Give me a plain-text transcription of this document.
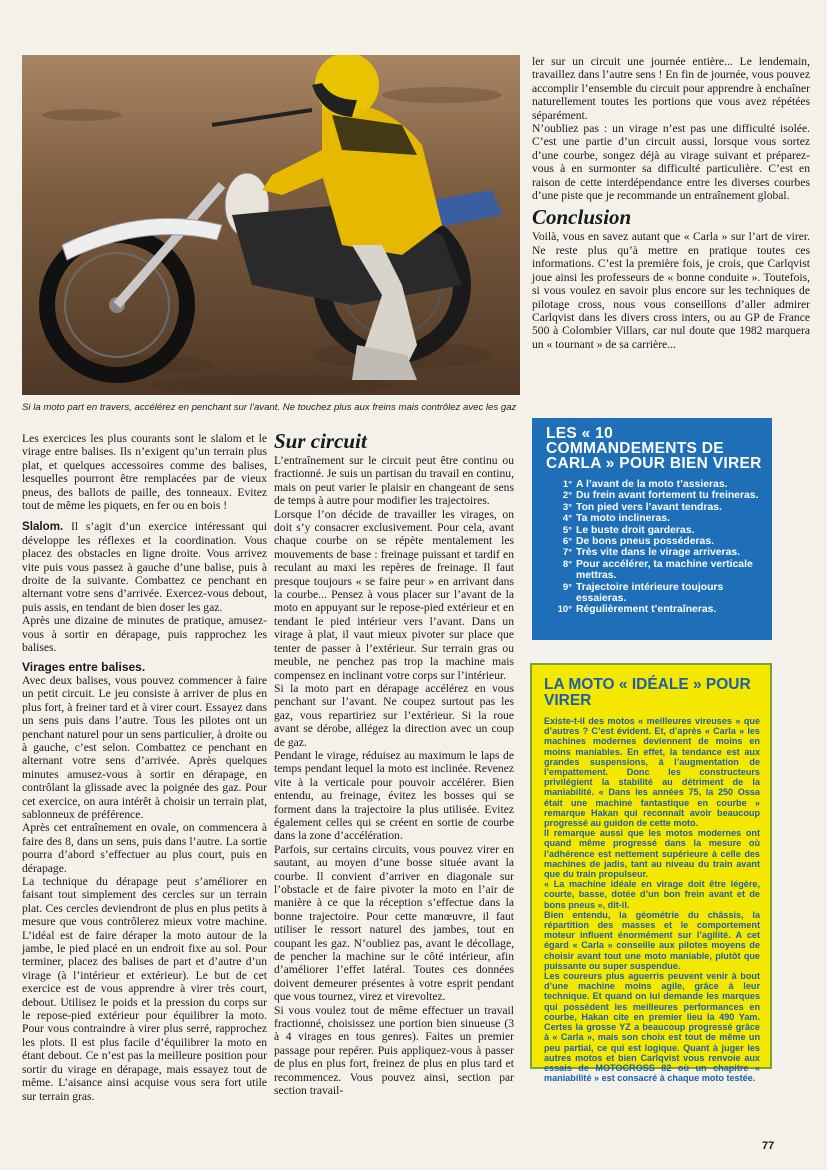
Si la moto part en travers, accélérez en penchant sur l’avant. Ne touchez plus aux freins mais contrôlez avec les gaz

ler sur un circuit une journée entière... Le lendemain, travaillez dans l’autre sens ! En fin de journée, vous pouvez accomplir l’ensemble du circuit pour apprendre à enchaîner naturellement toutes les portions que vous avez répétées séparément.

N’oubliez pas : un virage n’est pas une difficulté isolée. C’est une partie d’un circuit aussi, lorsque vous sortez d’une courbe, songez déjà au virage suivant et préparez-vous à en surmonter sa difficulté particulière. C’est en raison de cette interdépendance entre les diverses courbes d’une piste que je recommande un entraînement global.

Conclusion

Voilà, vous en savez autant que « Carla » sur l’art de virer. Ne reste plus qu’à mettre en pratique toutes ces informations. C’est la première fois, je crois, que Carlqvist joue ainsi les professeurs de « bonne conduite ». Toutefois, si vous voulez en savoir plus encore sur les techniques de pilotage cross, nous vous conseillons d’aller admirer Carlqvist dans les divers cross inters, ou au GP de France 500 à Colombier Villars, car nul doute que 1982 marquera un « tournant » de sa carrière...

Les exercices les plus courants sont le slalom et le virage entre balises. Ils n’exigent qu’un terrain plus plat, et quelques accessoires comme des balises, lesquelles pourront être remplacées par de vieux pneus, des ballots de paille, des tonneaux. Evitez tout de même les piquets, en fer ou en bois !

Slalom. Il s’agit d’un exercice intéressant qui développe les réflexes et la coordination. Vous placez des obstacles en ligne droite. Vous arrivez vite puis vous passez à gauche d’une balise, puis à droite de la suivante. Combattez ce penchant en alternant votre sens d’arrivée. Exercez-vous debout, puis assis, en tendant de bien doser les gaz.

Après une dizaine de minutes de pratique, amusez-vous à sortir en dérapage, puis rapprochez les balises.

Virages entre balises.

Avec deux balises, vous pouvez commencer à faire un petit circuit. Le jeu consiste à arriver de plus en plus fort, à freiner tard et à virer court. Essayez dans un sens puis dans l’autre. Tous les pilotes ont un penchant naturel pour un sens particulier, à droite ou à gauche, c’est selon. Combattez ce penchant en alternant votre sens d’arrivée. Après quelques minutes amusez-vous à sortir en dérapage, en contrôlant la glissade avec la poignée des gaz. Pour cet exercice, on aura intérêt à choisir un terrain plat, sablonneux de préférence.

Après cet entraînement en ovale, on commencera à faire des 8, dans un sens, puis dans l’autre. La sortie pourra d’abord s’effectuer au plus court, puis en dérapage.

La technique du dérapage peut s’améliorer en faisant tout simplement des cercles sur un terrain plat. Ces cercles deviendront de plus en plus petits à mesure que vous contrôlerez mieux votre machine. L’idéal est de faire déraper la moto autour de la jambe, le pied placé en un endroit fixe au sol. Pour terminer, placez des balises de part et d’autre d’un virage (à l’intérieur et extérieur). Le but de cet exercice est de vous apprendre à virer très court, debout. Utilisez le poids et la pression du corps sur le repose-pied extérieur pour équilibrer la moto. Pour vous contraindre à virer plus serré, rapprochez les plots. Il est plus facile d’équilibrer la moto en étant debout. Ce n’est pas la meilleure position pour sortir du virage en dérapage, mais essayez tout de même. L’aisance ainsi acquise vous sera fort utile sur terrain gras.

Sur circuit

L’entraînement sur le circuit peut être continu ou fractionné. Je suis un partisan du travail en continu, mais on peut varier le plaisir en changeant de sens de temps à autre pour modifier les trajectoires.

Lorsque l’on décide de travailler les virages, on doit s’y consacrer exclusivement. Pour cela, avant chaque courbe on se répète mentalement les mouvements de base : freinage puissant et tardif en reculant au maxi les repères de freinage. Il faut presque toujours « se faire peur » en arrivant dans la courbe... Pensez à vous placer sur l’avant de la moto en appuyant sur le repose-pied extérieur et en tendant le pied intérieur vers l’avant. Dans un virage à plat, il vaut mieux pivoter sur place que tenter de passer à l’extérieur. Sur terrain gras ou meuble, ne penchez pas trop la machine mais compensez en inclinant votre corps sur l’intérieur.

Si la moto part en dérapage accélérez en vous penchant sur l’avant. Ne coupez surtout pas les gaz, vous repartiriez sur l’extérieur. Si la roue avant se dérobe, allégez la direction avec un coup de gaz.

Pendant le virage, réduisez au maximum le laps de temps pendant lequel la moto est inclinée. Revenez vite à la verticale pour pouvoir accélérer. Bien entendu, au freinage, évitez les bosses qui se forment dans la trajectoire la plus utilisée. Evitez également celles qui se créent en sortie de courbe dans la zone d’accélération.

Parfois, sur certains circuits, vous pouvez virer en sautant, au moyen d’une bosse située avant la courbe. Il convient d’arriver en diagonale sur l’obstacle et de faire pivoter la moto en l’air de manière à ce que la réception s’effectue dans la bonne trajectoire. Pour cette manœuvre, il faut utiliser le ressort naturel des jambes, tout en coupant les gaz. N’oubliez pas, avant le décollage, de pencher la machine sur le côté intérieur, afin d’améliorer l’effet latéral. Toutes ces données doivent demeurer présentes à votre esprit pendant que vous tournez, virez et virevoltez.

Si vous voulez tout de même effectuer un travail fractionné, choisissez une portion bien sinueuse (3 à 4 virages en tous genres). Faites un premier passage pour repérer. Puis appliquez-vous à passer de plus en plus fort, freinez de plus en plus tard et recommencez. Vous pouvez ainsi, section par section travail-

LES « 10 COMMANDEMENTS DE CARLA » POUR BIEN VIRER
1° A l’avant de la moto t’assieras.
2° Du frein avant fortement tu freineras.
3° Ton pied vers l’avant tendras.
4° Ta moto inclineras.
5° Le buste droit garderas.
6° De bons pneus posséderas.
7° Très vite dans le virage arriveras.
8° Pour accélérer, ta machine verticale mettras.
9° Trajectoire intérieure toujours essaieras.
10° Régulièrement t’entraîneras.
LA MOTO « IDÉALE » POUR VIRER

Existe-t-il des motos « meilleures vireuses » que d’autres ? C’est évident. Et, d’après « Carla » les machines modernes deviennent de moins en moins maniables. En effet, la tendance est aux grandes suspensions, à l’augmentation de l’empattement. Donc les constructeurs privilégient la stabilité au détriment de la maniabilité. « Dans les années 75, la 250 Ossa était une machine fantastique en courbe » remarque Hakan qui reconnaît avoir beaucoup progressé au guidon de cette moto.

Il remarque aussi que les motos modernes ont quand même progressé dans la mesure où l’adhérence est nettement supérieure à celle des machines de jadis, tant au niveau du train avant que du train propulseur.

« La machine idéale en virage doit être légère, courte, basse, dotée d’un bon frein avant et de bons pneus », dit-il.

Bien entendu, la géométrie du châssis, la répartition des masses et le comportement moteur influent énormément sur l’agilité. A cet égard « Carla » conseille aux pilotes moyens de choisir avant tout une moto maniable, plutôt que puissante ou super suspendue.

Les coureurs plus aguerris peuvent venir à bout d’une machine moins agile, grâce à leur technique. Et quand on lui demande les marques qui possèdent les meilleures performances en courbe, Hakan cite en premier lieu la 490 Yam. Certes la grosse YZ a beaucoup progressé grâce à « Carla », mais son choix est tout de même un peu partial, ce qui est logique. Quant à juger les autres motos et bien Carlqvist vous renvoie aux essais de MOTOCROSS 82 où un chapitre « maniabilité » est consacré à chaque moto testée.

77
